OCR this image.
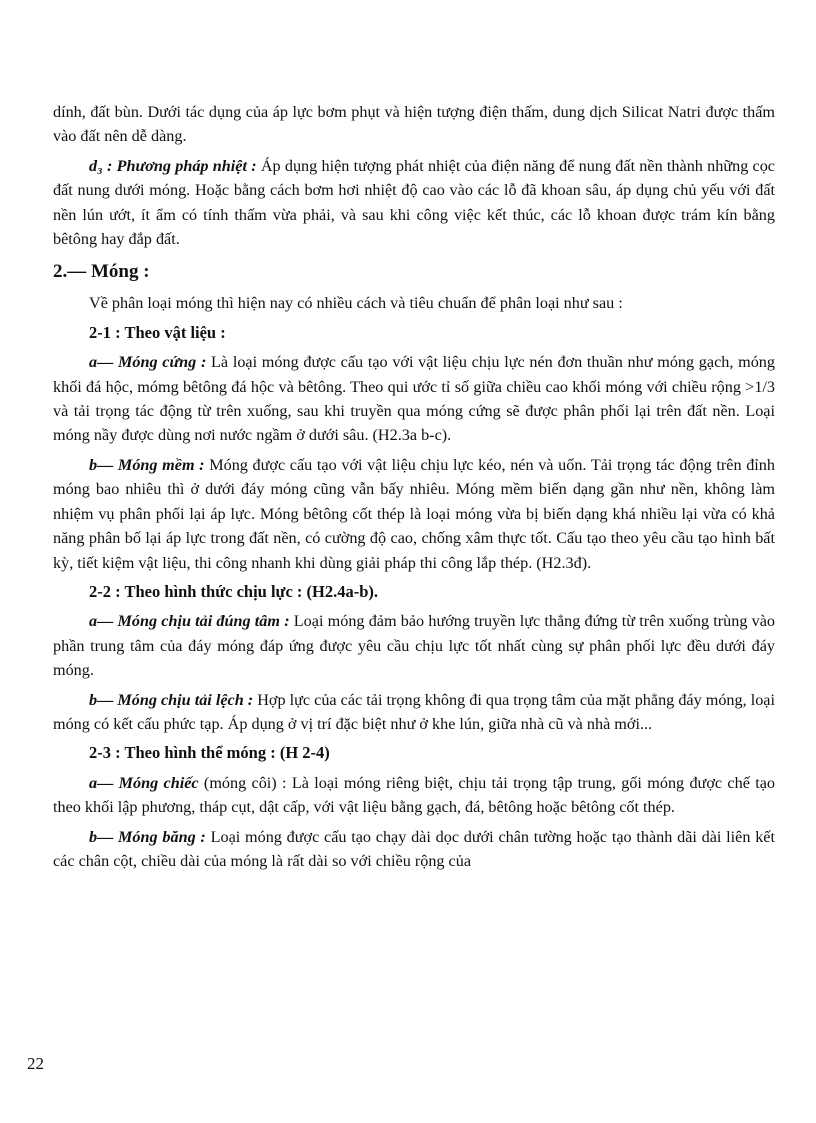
dính, đất bùn. Dưới tác dụng của áp lực bơm phụt và hiện tượng điện thấm, dung dịch Silicat Natri được thấm vào đất nên dễ dàng.

d₃ : Phương pháp nhiệt : Áp dụng hiện tượng phát nhiệt của điện năng để nung đất nền thành những cọc đất nung dưới móng. Hoặc bằng cách bơm hơi nhiệt độ cao vào các lỗ đã khoan sâu, áp dụng chủ yếu với đất nền lún ướt, ít ẩm có tính thấm vừa phải, và sau khi công việc kết thúc, các lỗ khoan được trám kín bằng bêtông hay đắp đất.

2.— Móng :

Về phân loại móng thì hiện nay có nhiều cách và tiêu chuẩn để phân loại như sau :

2-1 : Theo vật liệu :

a— Móng cứng : Là loại móng được cấu tạo với vật liệu chịu lực nén đơn thuần như móng gạch, móng khối đá hộc, mómg bêtông đá hộc và bêtông. Theo qui ước tỉ số giữa chiều cao khối móng với chiều rộng >1/3 và tải trọng tác động từ trên xuống, sau khi truyền qua móng cứng sẽ được phân phối lại trên đất nền. Loại móng nầy được dùng nơi nước ngầm ở dưới sâu. (H2.3a b-c).

b— Móng mềm : Móng được cấu tạo với vật liệu chịu lực kéo, nén và uốn. Tải trọng tác động trên đỉnh móng bao nhiêu thì ở dưới đáy móng cũng vẫn bấy nhiêu. Móng mềm biến dạng gần như nền, không làm nhiệm vụ phân phối lại áp lực. Móng bêtông cốt thép là loại móng vừa bị biến dạng khá nhiều lại vừa có khả năng phân bố lại áp lực trong đất nền, có cường độ cao, chống xâm thực tốt. Cấu tạo theo yêu cầu tạo hình bất kỳ, tiết kiệm vật liệu, thi công nhanh khi dùng giải pháp thi công lắp thép. (H2.3đ).

2-2 : Theo hình thức chịu lực : (H2.4a-b).

a— Móng chịu tải đúng tâm : Loại móng đảm bảo hướng truyền lực thẳng đứng từ trên xuống trùng vào phần trung tâm của đáy móng đáp ứng được yêu cầu chịu lực tốt nhất cùng sự phân phối lực đều dưới đáy móng.

b— Móng chịu tải lệch : Hợp lực của các tải trọng không đi qua trọng tâm của mặt phẳng đáy móng, loại móng có kết cấu phức tạp. Áp dụng ở vị trí đặc biệt như ở khe lún, giữa nhà cũ và nhà mới...

2-3 : Theo hình thể móng : (H 2-4)

a— Móng chiếc (móng côi) : Là loại móng riêng biệt, chịu tải trọng tập trung, gối móng được chế tạo theo khối lập phương, tháp cụt, dật cấp, với vật liệu bằng gạch, đá, bêtông hoặc bêtông cốt thép.

b— Móng băng : Loại móng được cấu tạo chạy dài dọc dưới chân tường hoặc tạo thành dãi dài liên kết các chân cột, chiều dài của móng là rất dài so với chiều rộng của

22
